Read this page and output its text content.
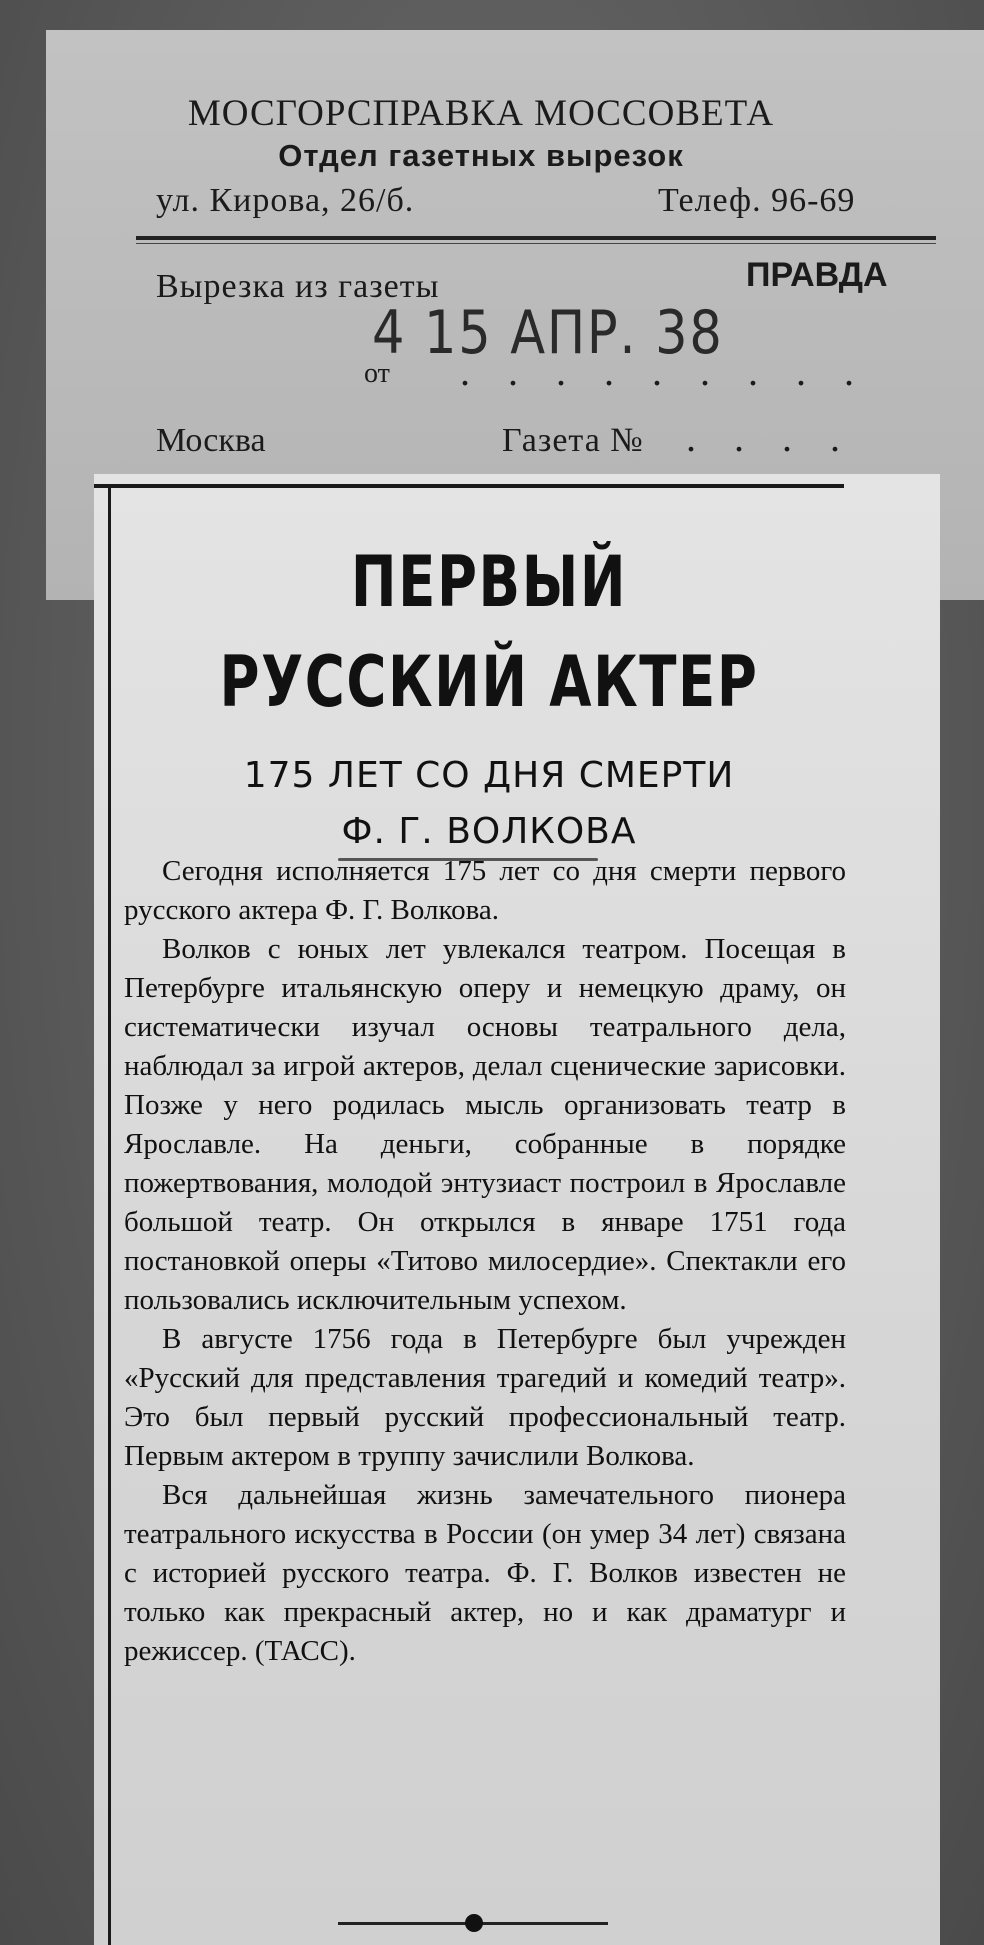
МОСГОРСПРАВКА МОССОВЕТА
Отдел газетных вырезок
ул. Кирова, 26/б.	Телеф. 96-69
Вырезка из газеты	ПРАВДА
от . . . . . . . . .
4 15 АПР. 38
Москва	Газета № . . . .
ПЕРВЫЙ
РУССКИЙ АКТЕР
175 ЛЕТ СО ДНЯ СМЕРТИ
Ф. Г. ВОЛКОВА

Сегодня исполняется 175 лет со дня смерти первого русского актера Ф. Г. Волкова.

Волков с юных лет увлекался театром. Посещая в Петербурге итальянскую оперу и немецкую драму, он систематически изучал основы театрального дела, наблюдал за игрой актеров, делал сценические зарисовки. Позже у него родилась мысль организовать театр в Ярославле. На деньги, собранные в порядке пожертвования, молодой энтузиаст построил в Ярославле большой театр. Он открылся в январе 1751 года постановкой оперы «Титово милосердие». Спектакли его пользовались исключительным успехом.

В августе 1756 года в Петербурге был учрежден «Русский для представления трагедий и комедий театр». Это был первый русский профессиональный театр. Первым актером в труппу зачислили Волкова.

Вся дальнейшая жизнь замечательного пионера театрального искусства в России (он умер 34 лет) связана с историей русского театра. Ф. Г. Волков известен не только как прекрасный актер, но и как драматург и режиссер. (ТАСС).
